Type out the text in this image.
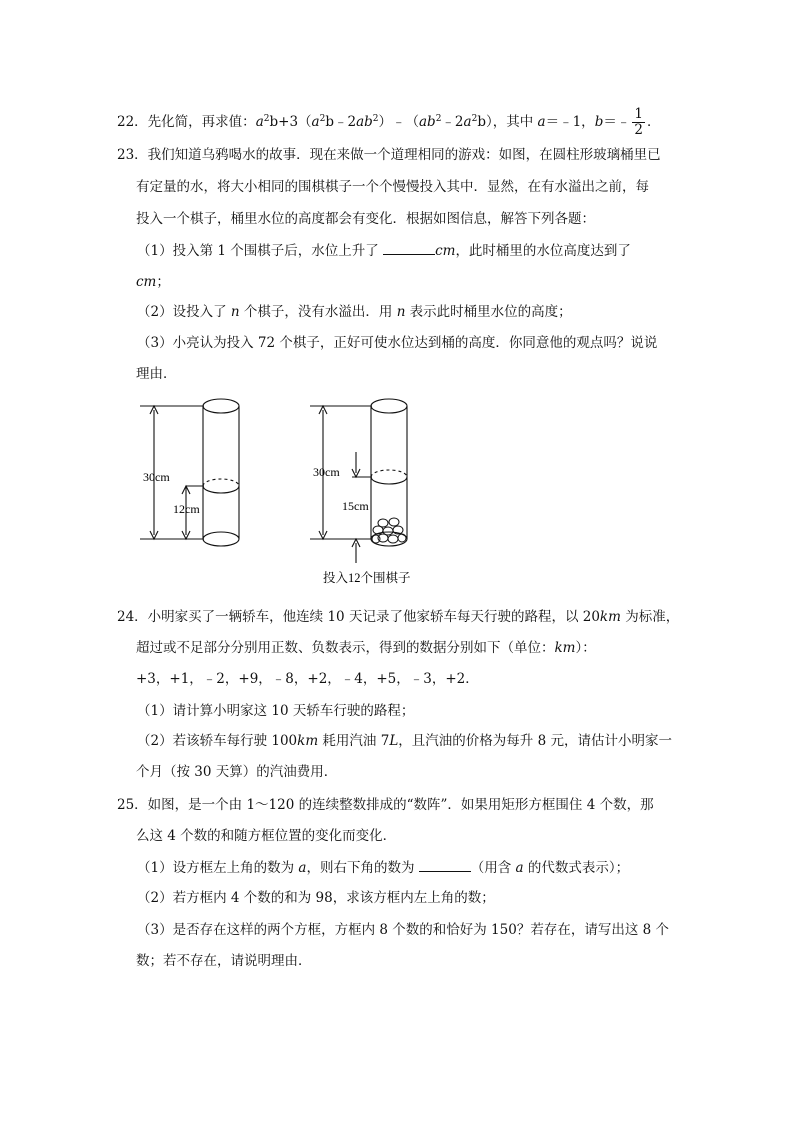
22．先化简，再求值：$a^2b+3(a^2b﹣2ab^2)﹣(ab^2﹣2a^2b)$，其中 a＝﹣1，b＝﹣ $\frac{1}{2}$ ．
23．我们知道乌鸦喝水的故事．现在来做一个道理相同的游戏：如图，在圆柱形玻璃桶里已
有定量的水，将大小相同的围棋棋子一个个慢慢投入其中．显然，在有水溢出之前，每
投入一个棋子，桶里水位的高度都会有变化．根据如图信息，解答下列各题：
（1）投入第 1 个围棋子后，水位上升了	cm，此时桶里的水位高度达到了
cm；
（2）设投入了 n 个棋子，没有水溢出．用 n 表示此时桶里水位的高度；
（3）小亮认为投入 72 个棋子，正好可使水位达到桶的高度．你同意他的观点吗？说说
理由．
30cm
12cm
30cm
15cm
投入12个围棋子
24．小明家买了一辆轿车，他连续 10 天记录了他家轿车每天行驶的路程，以 20km 为标准，
超过或不足部分分别用正数、负数表示，得到的数据分别如下（单位：km）：
+3，+1，﹣2，+9，﹣8，+2，﹣4，+5，﹣3，+2．
（1）请计算小明家这 10 天轿车行驶的路程；
（2）若该轿车每行驶 100km 耗用汽油 7L，且汽油的价格为每升 8 元，请估计小明家一
个月（按 30 天算）的汽油费用．
25．如图，是一个由 1～120 的连续整数排成的“数阵”．如果用矩形方框围住 4 个数，那
么这 4 个数的和随方框位置的变化而变化．
（1）设方框左上角的数为 a，则右下角的数为	（用含 a 的代数式表示）；
（2）若方框内 4 个数的和为 98，求该方框内左上角的数；
（3）是否存在这样的两个方框，方框内 8 个数的和恰好为 150？若存在，请写出这 8 个
数；若不存在，请说明理由．
